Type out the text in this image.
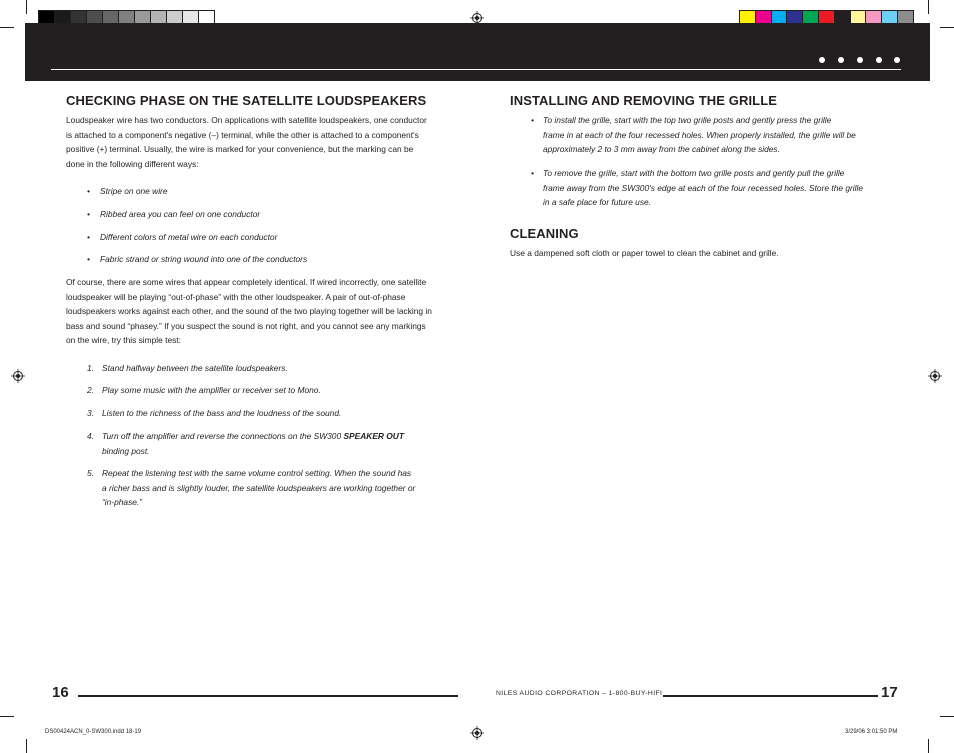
CHECKING PHASE ON THE SATELLITE LOUDSPEAKERS
Loudspeaker wire has two conductors. On applications with satellite loudspeakers, one conductor
is attached to a component's negative (–) terminal, while the other is attached to a component's
positive (+) terminal. Usually, the wire is marked for your convenience, but the marking can be
done in the following different ways:
• Stripe on one wire
• Ribbed area you can feel on one conductor
• Different colors of metal wire on each conductor
• Fabric strand or string wound into one of the conductors
Of course, there are some wires that appear completely identical. If wired incorrectly, one satellite
loudspeaker will be playing “out-of-phase” with the other loudspeaker. A pair of out-of-phase
loudspeakers works against each other, and the sound of the two playing together will be lacking in
bass and sound “phasey.” If you suspect the sound is not right, and you cannot see any markings
on the wire, try this simple test:
1. Stand halfway between the satellite loudspeakers.
2. Play some music with the amplifier or receiver set to Mono.
3. Listen to the richness of the bass and the loudness of the sound.
4. Turn off the amplifier and reverse the connections on the SW300 SPEAKER OUT
binding post.
5. Repeat the listening test with the same volume control setting. When the sound has
a richer bass and is slightly louder, the satellite loudspeakers are working together or
“in-phase.”
16
INSTALLING AND REMOVING THE GRILLE
• To install the grille, start with the top two grille posts and gently press the grille
frame in at each of the four recessed holes. When properly installed, the grille will be
approximately 2 to 3 mm away from the cabinet along the sides.
• To remove the grille, start with the bottom two grille posts and gently pull the grille
frame away from the SW300's edge at each of the four recessed holes. Store the grille
in a safe place for future use.
CLEANING
Use a dampened soft cloth or paper towel to clean the cabinet and grille.
NILES AUDIO CORPORATION – 1-800-BUY-HIFI	17
DS00424ACN_0-SW300.indd 18-19	3/29/06 3:01:50 PM
